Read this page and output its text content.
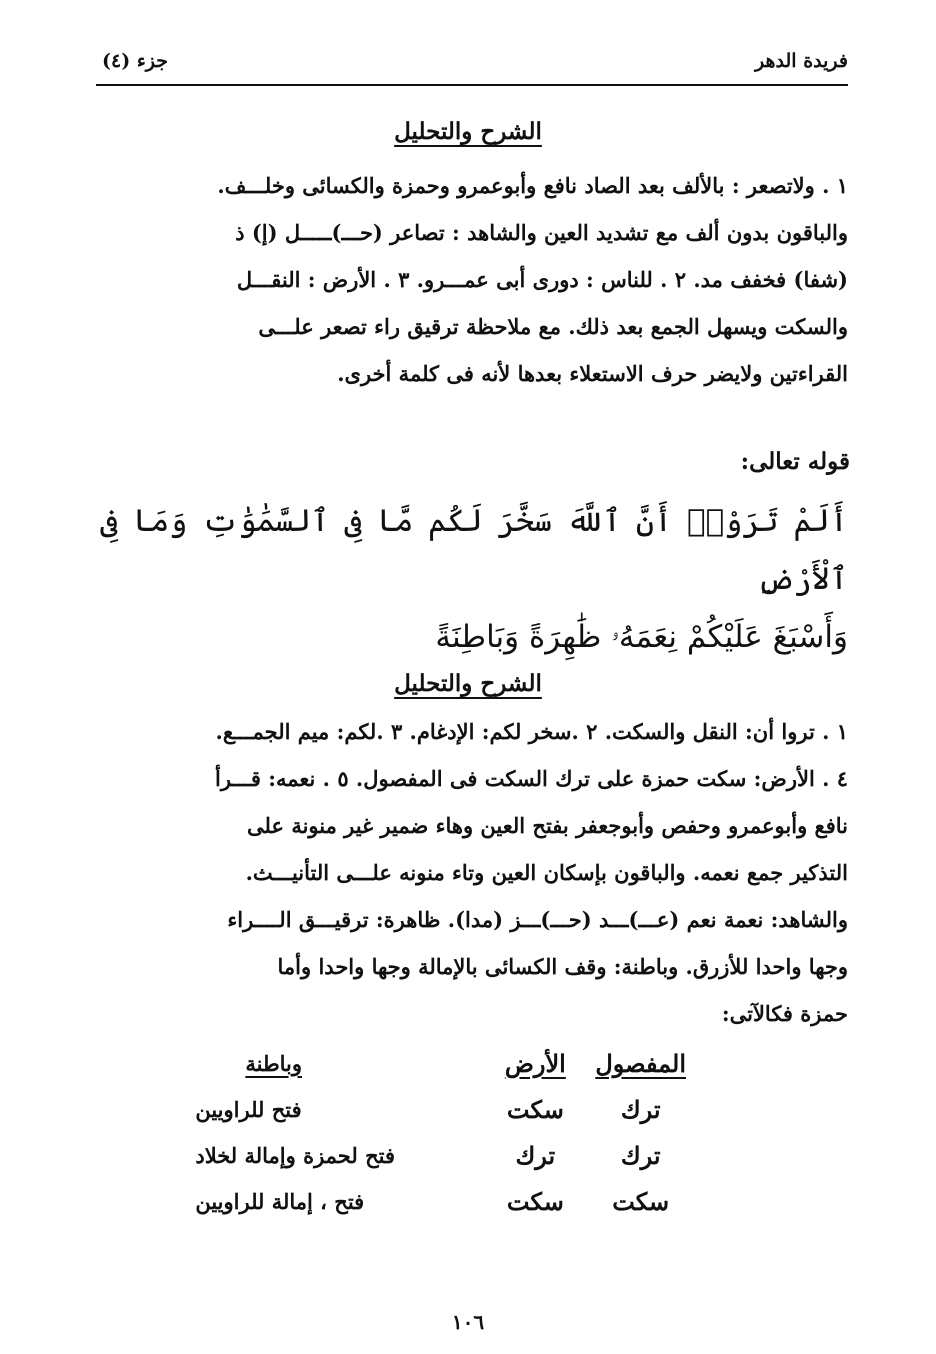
فريدة الدهر
جزء (٤)
الشرح والتحليل

١ . ولاتصعر : بالألف بعد الصاد نافع وأبوعمرو وحمزة والكسائى وخلـــف.

والباقون بدون ألف مع تشديد العين والشاهد : تصاعر (حـــ)ـــــل (إ) ذ

(شفا) فخفف مد. ٢ . للناس : دورى أبى عمـــرو. ٣ . الأرض : النقـــل

والسكت ويسهل الجمع بعد ذلك. مع ملاحظة ترقيق راء تصعر علـــى

القراءتين ولايضر حرف الاستعلاء بعدها لأنه فى كلمة أخرى.

قوله تعالى:

أَلَمْ تَرَوْا۟ أَنَّ ٱللَّهَ سَخَّرَ لَكُم مَّا فِى ٱلسَّمَٰوَٰتِ وَمَا فِى ٱلْأَرْضِ

وَأَسْبَغَ عَلَيْكُمْ نِعَمَهُۥ ظَٰهِرَةً وَبَاطِنَةً

الشرح والتحليل

١ . تروا أن: النقل والسكت. ٢ .سخر لكم: الإدغام. ٣ .لكم: ميم الجمـــع.

٤ . الأرض: سكت حمزة على ترك السكت فى المفصول. ٥ . نعمه: قـــرأ

نافع وأبوعمرو وحفص وأبوجعفر بفتح العين وهاء ضمير غير منونة على

التذكير جمع نعمه. والباقون بإسكان العين وتاء منونه علـــى التأنيـــث.

والشاهد: نعمة نعم (عـــ)ـــد (حـــ)ـــز (مدا). ظاهرة: ترقيـــق الــــراء

وجها واحدا للأزرق. وباطنة: وقف الكسائى بالإمالة وجها واحدا وأما

حمزة فكالآتى:

المفصول	الأرض	وباطنة
ترك	سكت	فتح للراويين
ترك	ترك	فتح لحمزة وإمالة لخلاد
سكت	سكت	فتح ، إمالة للراويين
١٠٦
